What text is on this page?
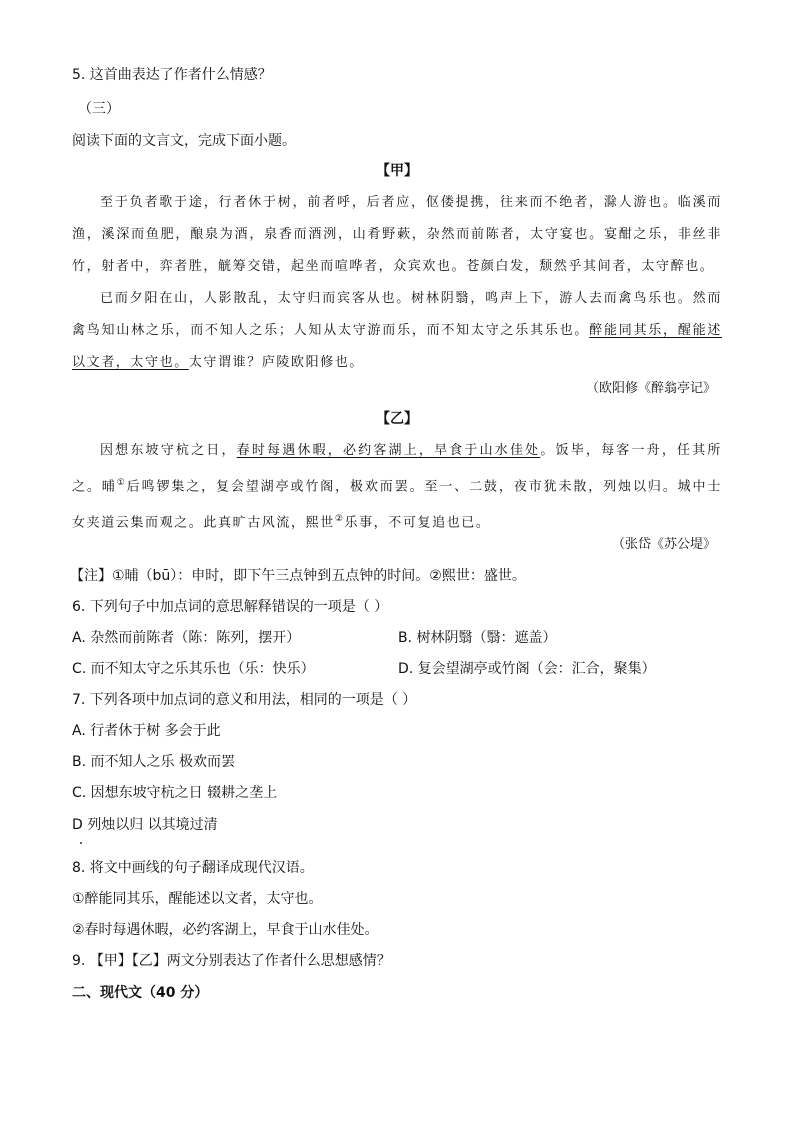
5. 这首曲表达了作者什么情感？
（三）
阅读下面的文言文，完成下面小题。
【甲】
至于负者歌于途，行者休于树，前者呼，后者应，伛偻提携，往来而不绝者，滁人游也。临溪而渔，溪深而鱼肥，酿泉为酒，泉香而酒洌，山肴野蔌，杂然而前陈者，太守宴也。宴酣之乐，非丝非竹，射者中，弈者胜，觥筹交错，起坐而喧哗者，众宾欢也。苍颜白发，颓然乎其间者，太守醉也。
已而夕阳在山，人影散乱，太守归而宾客从也。树林阴翳，鸣声上下，游人去而禽鸟乐也。然而禽鸟知山林之乐，而不知人之乐；人知从太守游而乐，而不知太守之乐其乐也。醉能同其乐，醒能述以文者，太守也。太守谓谁？庐陵欧阳修也。
（欧阳修《醉翁亭记》
【乙】
因想东坡守杭之日，春时每遇休暇，必约客湖上，早食于山水佳处。饭毕，每客一舟，任其所之。晡①后鸣锣集之，复会望湖亭或竹阁，极欢而罢。至一、二鼓，夜市犹未散，列烛以归。城中士女夹道云集而观之。此真旷古风流，熙世②乐事，不可复追也已。
（张岱《苏公堤》
【注】①晡（bū）：申时，即下午三点钟到五点钟的时间。②熙世：盛世。
6. 下列句子中加点词的意思解释错误的一项是（ ）
A. 杂然而前陈者（陈：陈列，摆开）	B. 树林阴翳（翳：遮盖）
C. 而不知太守之乐其乐也（乐：快乐）	D. 复会望湖亭或竹阁（会：汇合，聚集）
7. 下列各项中加点词的意义和用法，相同的一项是（ ）
A. 行者休于树 多会于此
B. 而不知人之乐 极欢而罢
C. 因想东坡守杭之日 辍耕之垄上
D 列烛以归 以其境过清
8. 将文中画线的句子翻译成现代汉语。
①醉能同其乐，醒能述以文者，太守也。
②春时每遇休暇，必约客湖上，早食于山水佳处。
9. 【甲】【乙】两文分别表达了作者什么思想感情？
二、现代文（40 分）
